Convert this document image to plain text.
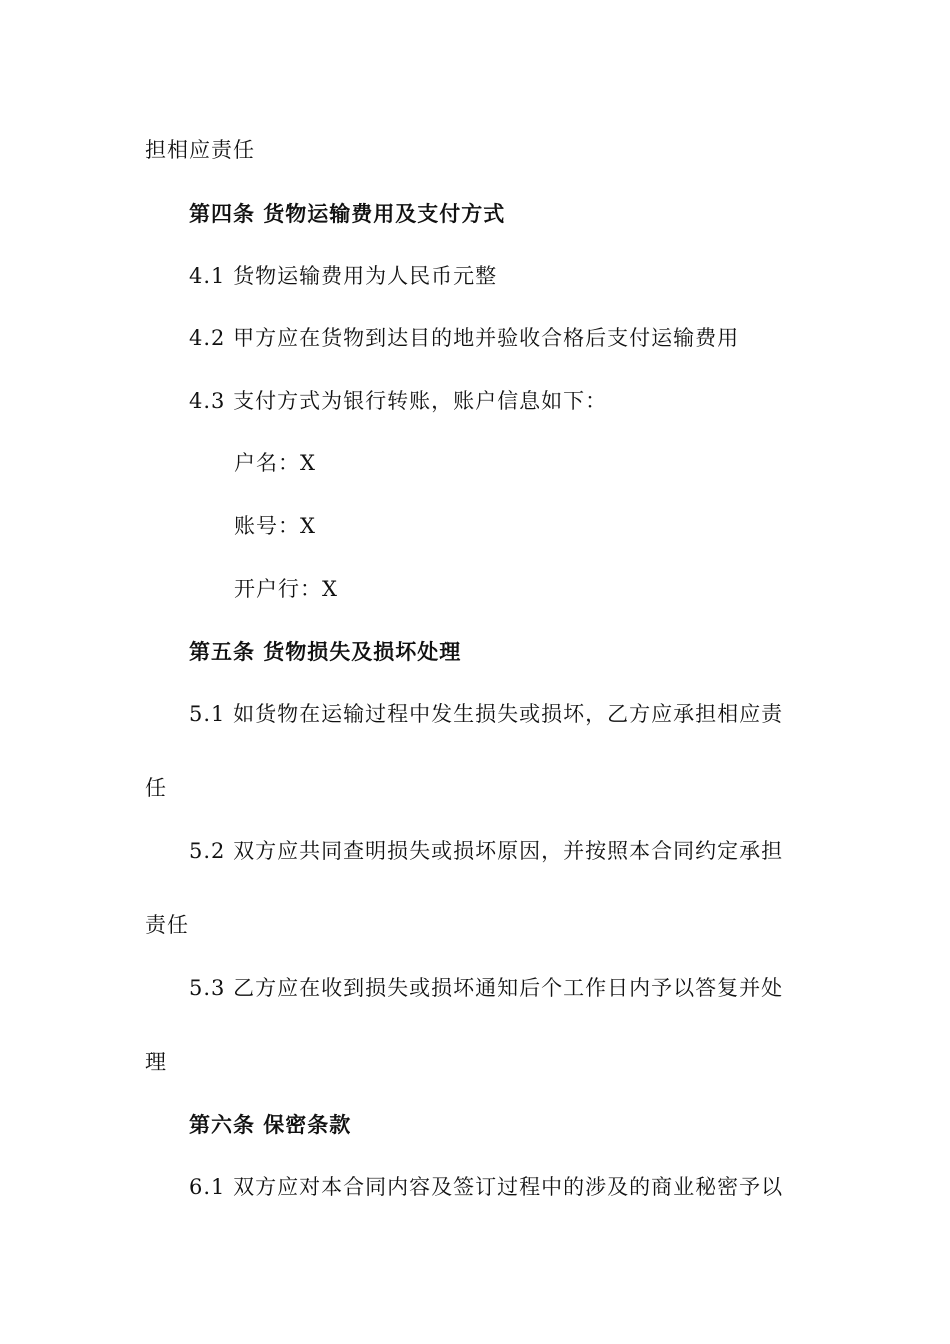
担相应责任
第四条 货物运输费用及支付方式
4.1 货物运输费用为人民币元整
4.2 甲方应在货物到达目的地并验收合格后支付运输费用
4.3 支付方式为银行转账，账户信息如下：
户名：X
账号：X
开户行：X
第五条 货物损失及损坏处理
5.1 如货物在运输过程中发生损失或损坏，乙方应承担相应责
任
5.2 双方应共同查明损失或损坏原因，并按照本合同约定承担
责任
5.3 乙方应在收到损失或损坏通知后个工作日内予以答复并处
理
第六条 保密条款
6.1 双方应对本合同内容及签订过程中的涉及的商业秘密予以
